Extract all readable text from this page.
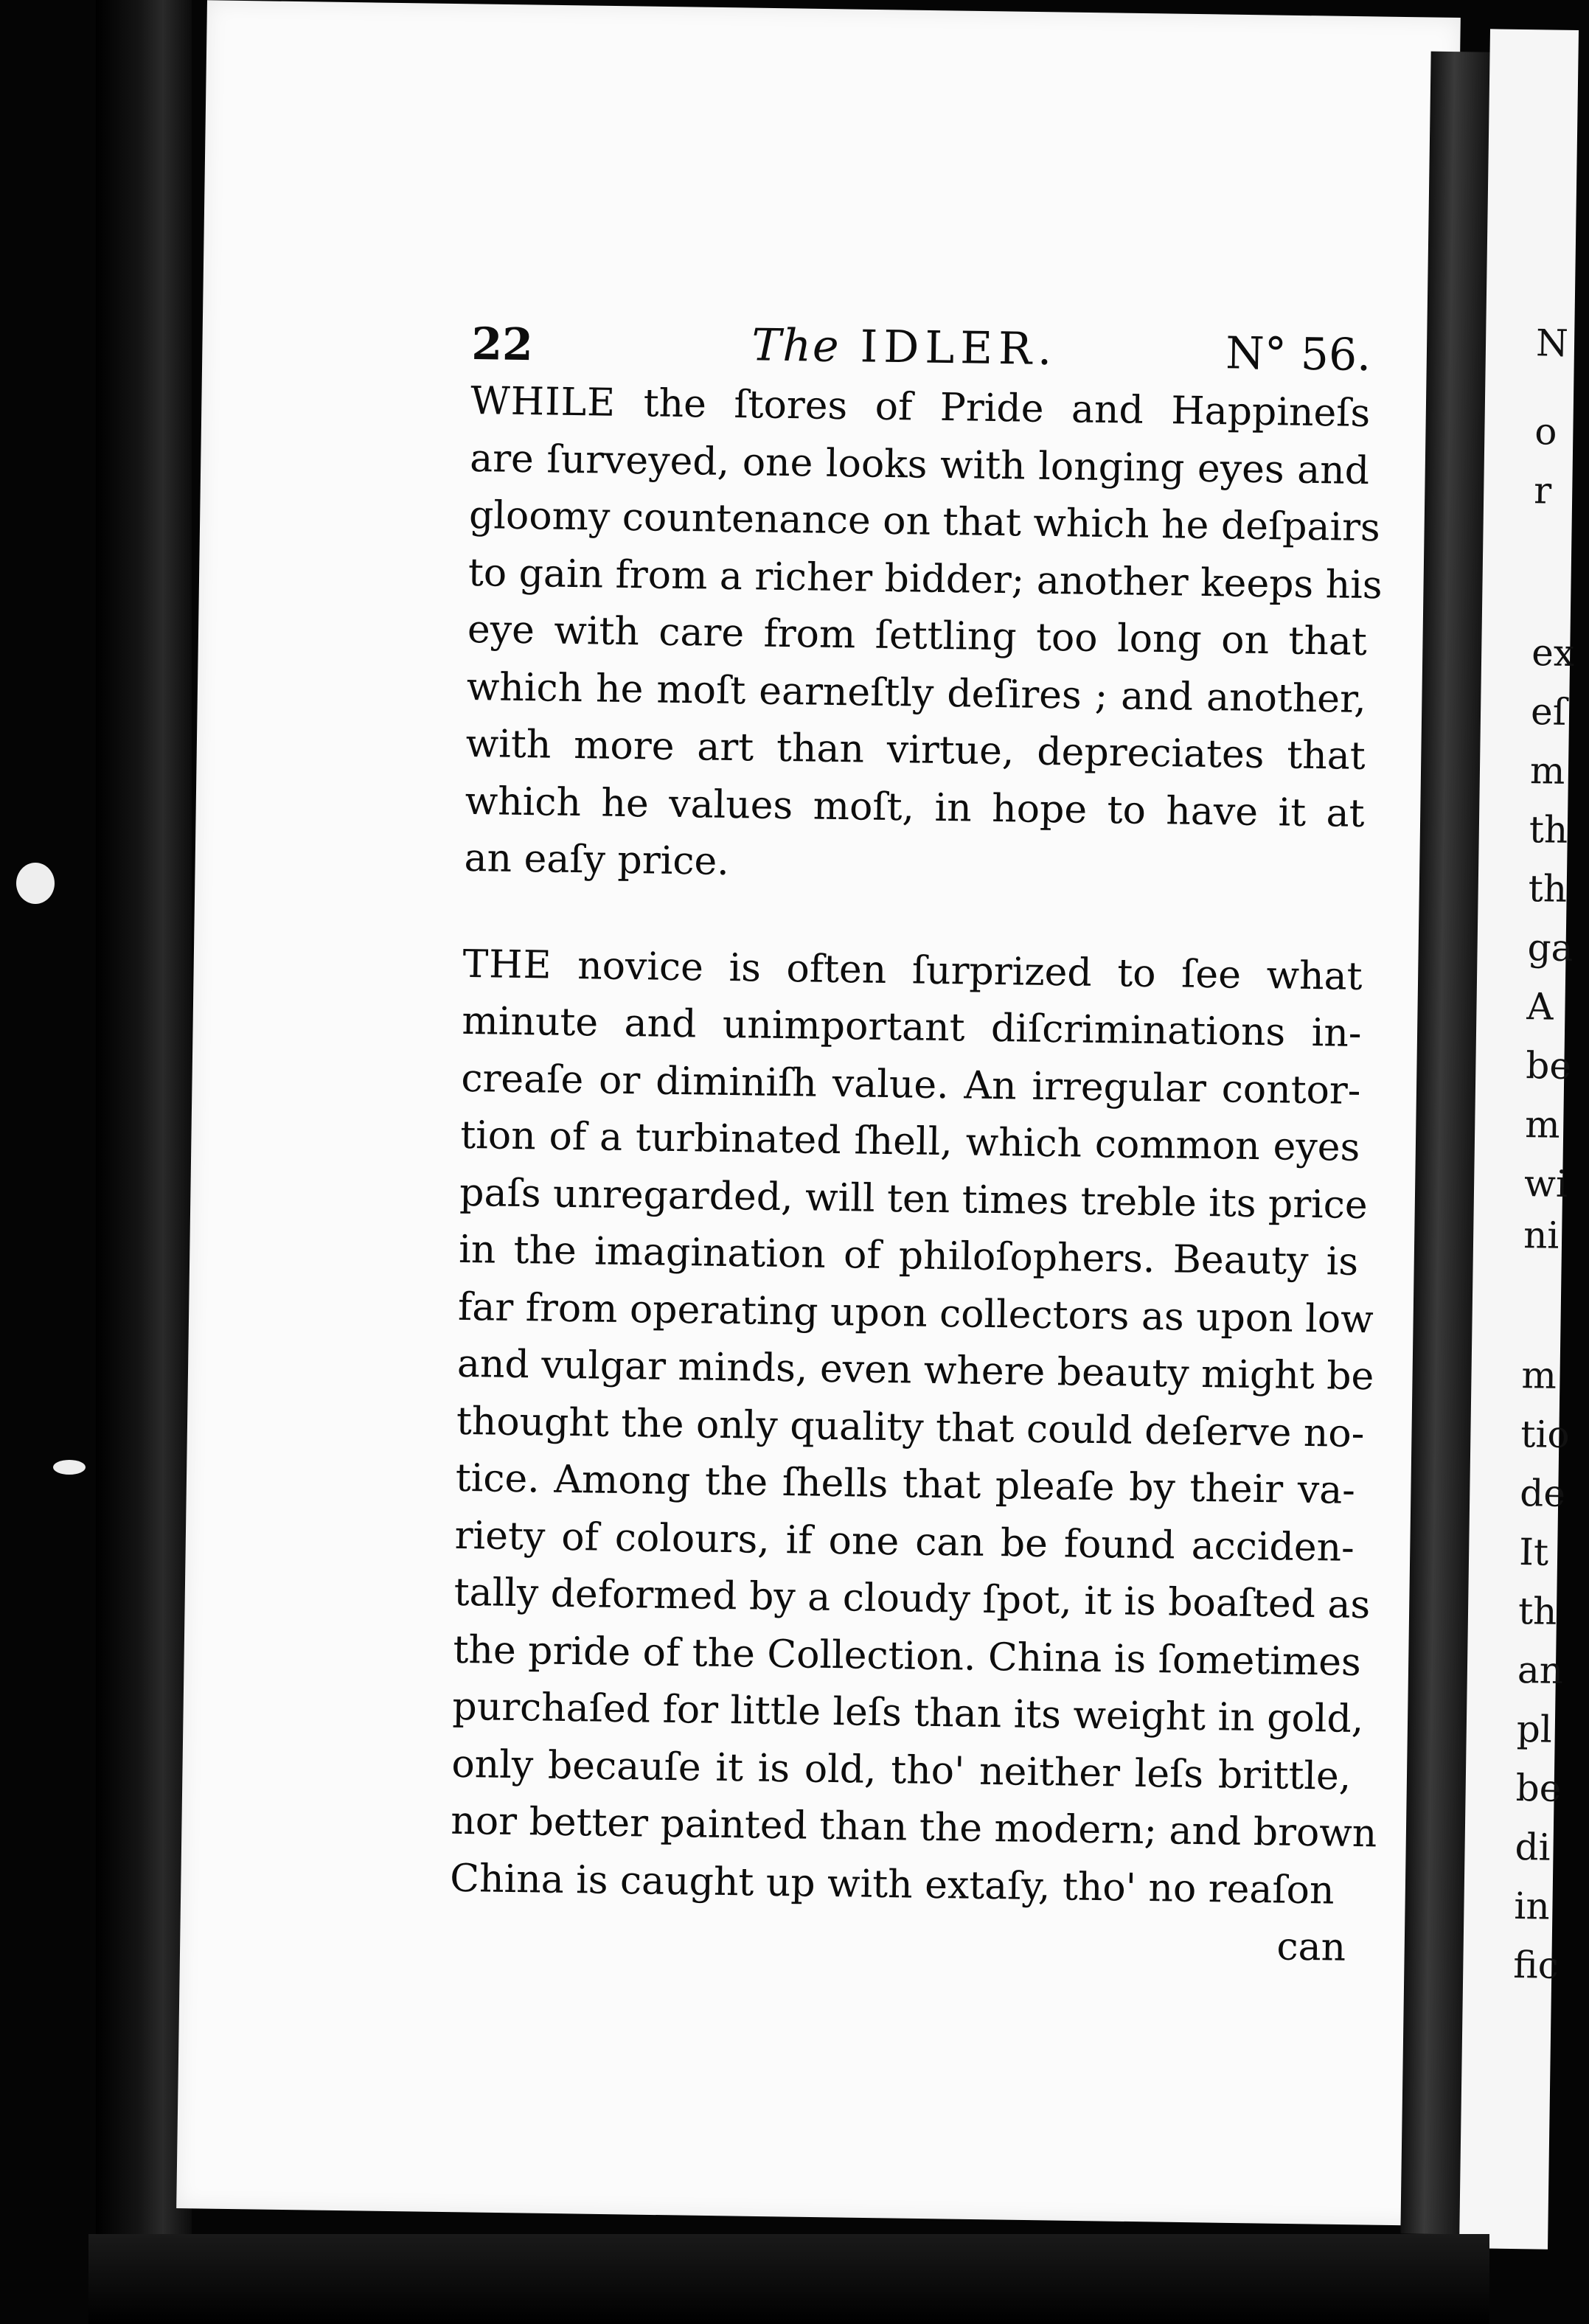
N
o
r
ex
eſ
m
th
th
ga
A
be
m
wi
ni
m
tio
de
It
th
an
pl
be
di
in
fic
22	The IDLER.	N° 56.

WHILE the ſtores of Pride and Happineſs
are ſurveyed, one looks with longing eyes and
gloomy countenance on that which he deſpairs
to gain from a richer bidder; another keeps his
eye with care from ſettling too long on that
which he moſt earneſtly deſires ; and another,
with more art than virtue, depreciates that
which he values moſt, in hope to have it at
an eaſy price.

THE novice is often ſurprized to ſee what
minute and unimportant diſcriminations in-
creaſe or diminiſh value. An irregular contor-
tion of a turbinated ſhell, which common eyes
paſs unregarded, will ten times treble its price
in the imagination of philoſophers. Beauty is
far from operating upon collectors as upon low
and vulgar minds, even where beauty might be
thought the only quality that could deſerve no-
tice. Among the ſhells that pleaſe by their va-
riety of colours, if one can be found acciden-
tally deformed by a cloudy ſpot, it is boaſted as
the pride of the Collection. China is ſometimes
purchaſed for little leſs than its weight in gold,
only becauſe it is old, tho' neither leſs brittle,
nor better painted than the modern; and brown
China is caught up with extaſy, tho' no reaſon

can
